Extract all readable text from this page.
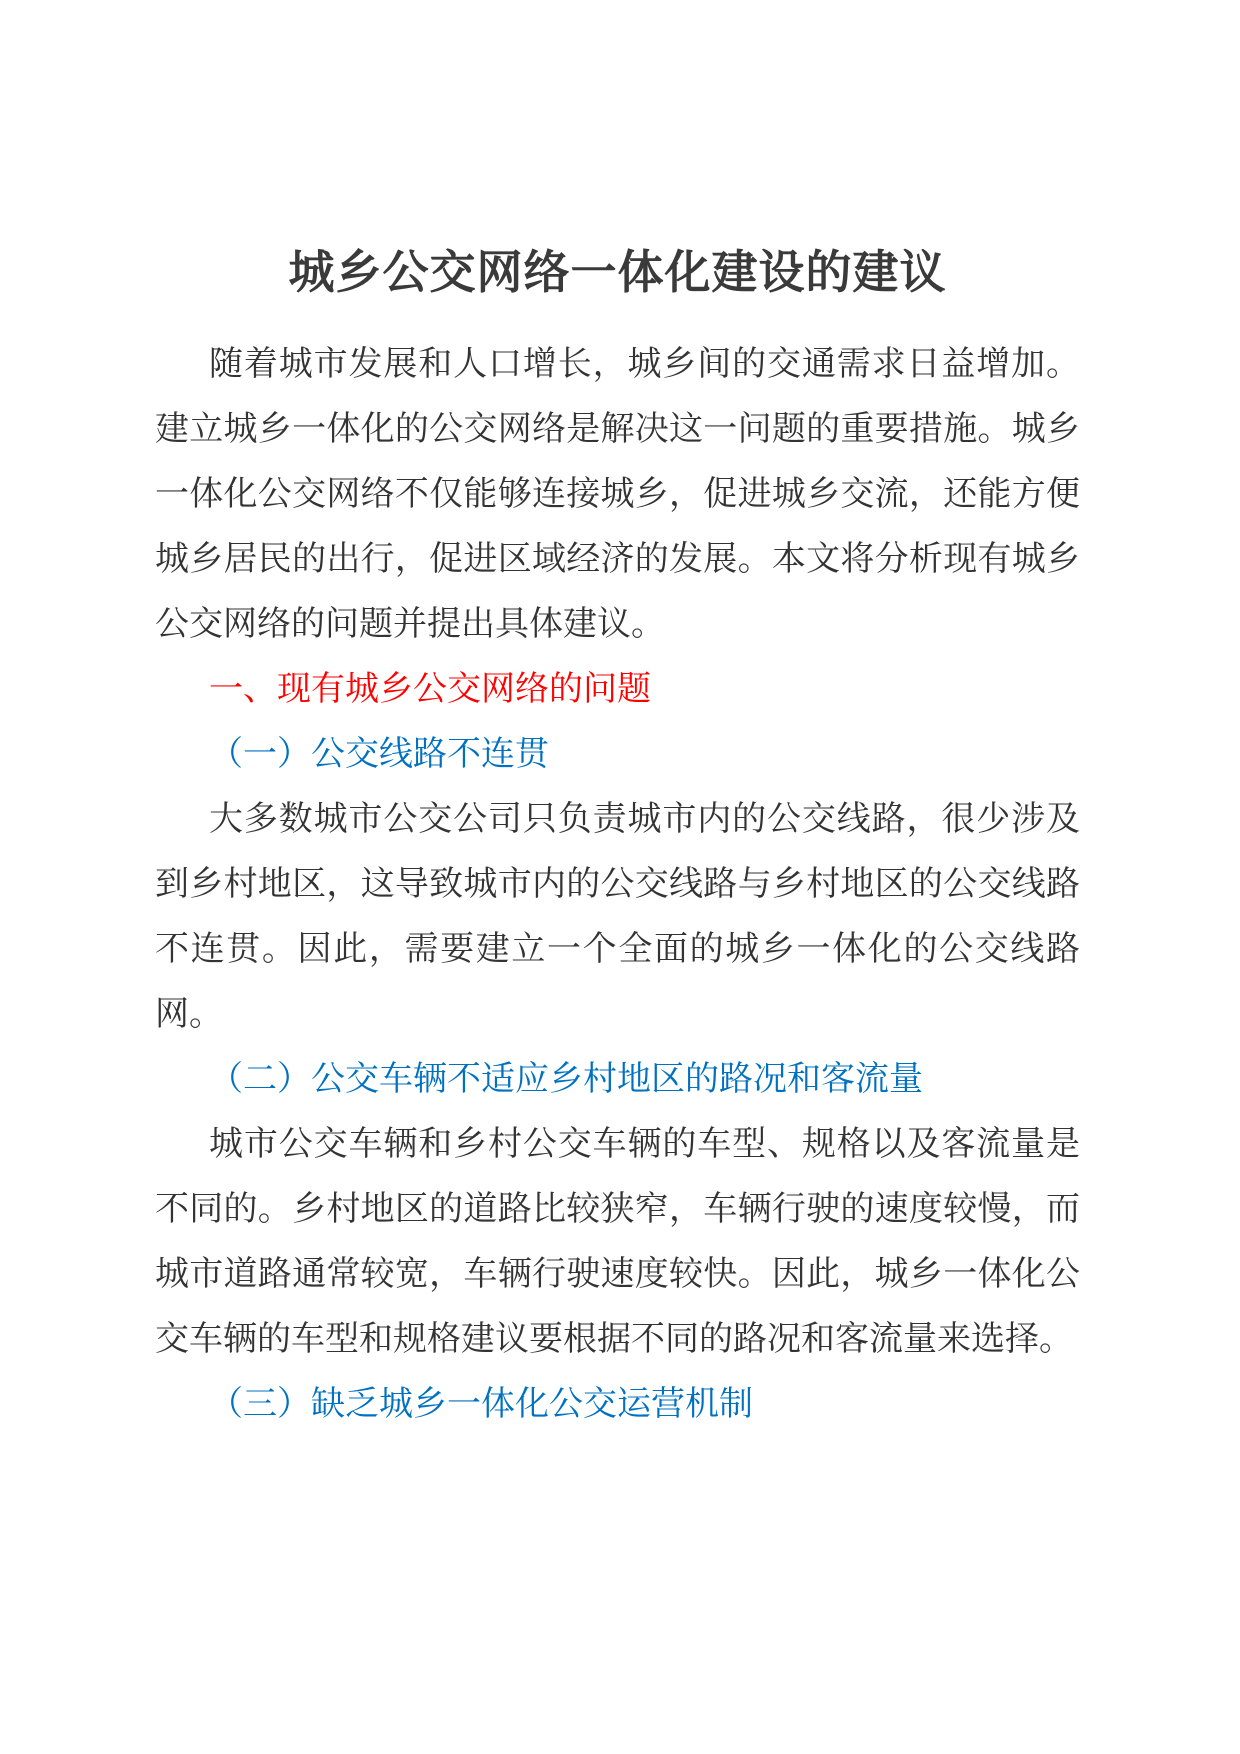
城乡公交网络一体化建设的建议

随着城市发展和人口增长，城乡间的交通需求日益增加。建立城乡一体化的公交网络是解决这一问题的重要措施。城乡一体化公交网络不仅能够连接城乡，促进城乡交流，还能方便城乡居民的出行，促进区域经济的发展。本文将分析现有城乡公交网络的问题并提出具体建议。

一、现有城乡公交网络的问题

（一）公交线路不连贯

大多数城市公交公司只负责城市内的公交线路，很少涉及到乡村地区，这导致城市内的公交线路与乡村地区的公交线路不连贯。因此，需要建立一个全面的城乡一体化的公交线路网。

（二）公交车辆不适应乡村地区的路况和客流量

城市公交车辆和乡村公交车辆的车型、规格以及客流量是不同的。乡村地区的道路比较狭窄，车辆行驶的速度较慢，而城市道路通常较宽，车辆行驶速度较快。因此，城乡一体化公交车辆的车型和规格建议要根据不同的路况和客流量来选择。

（三）缺乏城乡一体化公交运营机制
